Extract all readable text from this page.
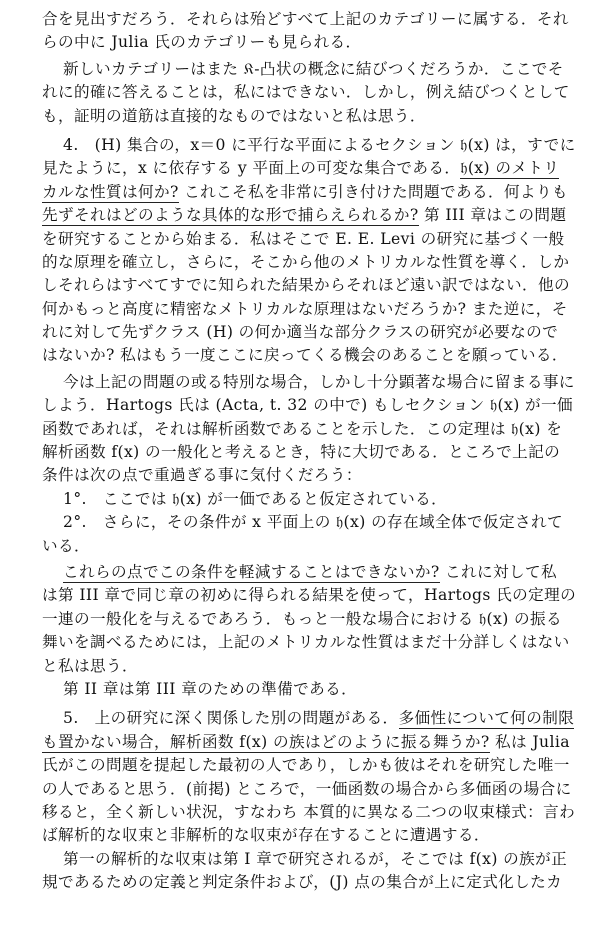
合を見出すだろう．それらは殆どすべて上記のカテゴリーに属する．それ
らの中に Julia 氏のカテゴリーも見られる．
新しいカテゴリーはまた 𝔎-凸状の概念に結びつくだろうか．ここでそ
れに的確に答えることは，私にはできない．しかし，例え結びつくとして
も，証明の道筋は直接的なものではないと私は思う．
4.　(H) 集合の，x＝0 に平行な平面によるセクション 𝔥(x) は，すでに
見たように，x に依存する y 平面上の可変な集合である．𝔥(x) のメトリ
カルな性質は何か? これこそ私を非常に引き付けた問題である．何よりも
先ずそれはどのような具体的な形で捕らえられるか? 第 III 章はこの問題
を研究することから始まる．私はそこで E. E. Levi の研究に基づく一般
的な原理を確立し，さらに，そこから他のメトリカルな性質を導く．しか
しそれらはすべてすでに知られた結果からそれほど遠い訳ではない．他の
何かもっと高度に精密なメトリカルな原理はないだろうか? また逆に，そ
れに対して先ずクラス (H) の何か適当な部分クラスの研究が必要なので
はないか? 私はもう一度ここに戻ってくる機会のあることを願っている．
今は上記の問題の或る特別な場合，しかし十分顕著な場合に留まる事に
しよう．Hartogs 氏は (Acta, t. 32 の中で) もしセクション 𝔥(x) が一価
函数であれば，それは解析函数であることを示した．この定理は 𝔥(x) を
解析函数 f(x) の一般化と考えるとき，特に大切である．ところで上記の
条件は次の点で重過ぎる事に気付くだろう：
1°.　ここでは 𝔥(x) が一価であると仮定されている．
2°.　さらに，その条件が x 平面上の 𝔥(x) の存在域全体で仮定されて
いる．
これらの点でこの条件を軽減することはできないか? これに対して私
は第 III 章で同じ章の初めに得られる結果を使って，Hartogs 氏の定理の
一連の一般化を与えるであろう．もっと一般な場合における 𝔥(x) の振る
舞いを調べるためには，上記のメトリカルな性質はまだ十分詳しくはない
と私は思う．
第 II 章は第 III 章のための準備である．
5.　上の研究に深く関係した別の問題がある．多価性について何の制限
も置かない場合，解析函数 f(x) の族はどのように振る舞うか? 私は Julia
氏がこの問題を提起した最初の人であり，しかも彼はそれを研究した唯一
の人であると思う．(前掲) ところで，一価函数の場合から多価函の場合に
移ると，全く新しい状況，すなわち 本質的に異なる二つの収束様式：言わ
ば解析的な収束と非解析的な収束が存在することに遭遇する．
第一の解析的な収束は第 I 章で研究されるが，そこでは f(x) の族が正
規であるための定義と判定条件および，(J) 点の集合が上に定式化したカ
